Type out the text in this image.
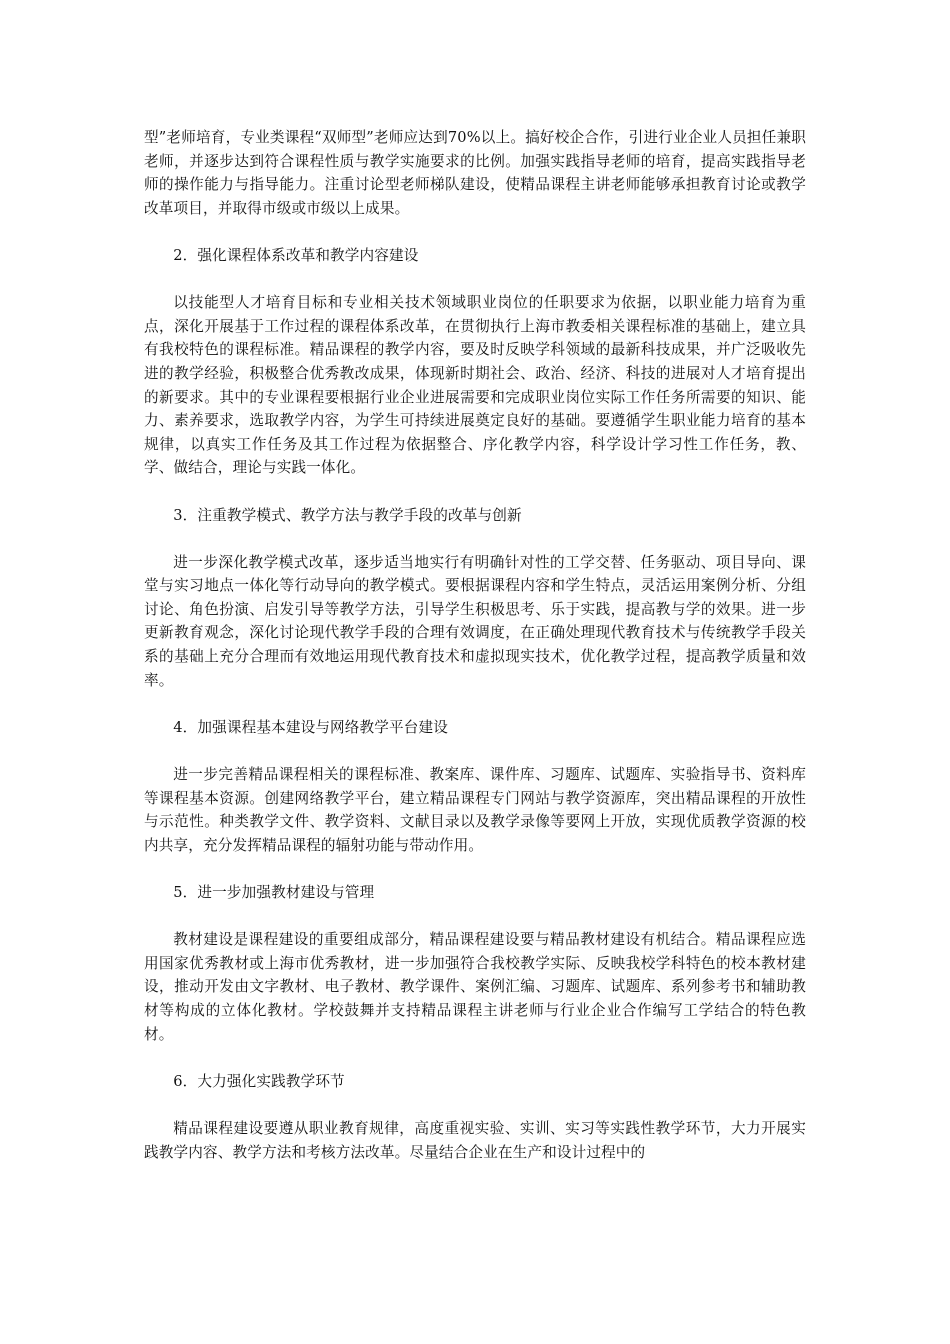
型”老师培育，专业类课程“双师型”老师应达到70%以上。搞好校企合作，引进行业企业人员担任兼职老师，并逐步达到符合课程性质与教学实施要求的比例。加强实践指导老师的培育，提高实践指导老师的操作能力与指导能力。注重讨论型老师梯队建设，使精品课程主讲老师能够承担教育讨论或教学改革项目，并取得市级或市级以上成果。

2．强化课程体系改革和教学内容建设

以技能型人才培育目标和专业相关技术领域职业岗位的任职要求为依据，以职业能力培育为重点，深化开展基于工作过程的课程体系改革，在贯彻执行上海市教委相关课程标准的基础上，建立具有我校特色的课程标准。精品课程的教学内容，要及时反映学科领域的最新科技成果，并广泛吸收先进的教学经验，积极整合优秀教改成果，体现新时期社会、政治、经济、科技的进展对人才培育提出的新要求。其中的专业课程要根据行业企业进展需要和完成职业岗位实际工作任务所需要的知识、能力、素养要求，选取教学内容，为学生可持续进展奠定良好的基础。要遵循学生职业能力培育的基本规律，以真实工作任务及其工作过程为依据整合、序化教学内容，科学设计学习性工作任务，教、学、做结合，理论与实践一体化。

3．注重教学模式、教学方法与教学手段的改革与创新

进一步深化教学模式改革，逐步适当地实行有明确针对性的工学交替、任务驱动、项目导向、课堂与实习地点一体化等行动导向的教学模式。要根据课程内容和学生特点，灵活运用案例分析、分组讨论、角色扮演、启发引导等教学方法，引导学生积极思考、乐于实践，提高教与学的效果。进一步更新教育观念，深化讨论现代教学手段的合理有效调度，在正确处理现代教育技术与传统教学手段关系的基础上充分合理而有效地运用现代教育技术和虚拟现实技术，优化教学过程，提高教学质量和效率。

4．加强课程基本建设与网络教学平台建设

进一步完善精品课程相关的课程标准、教案库、课件库、习题库、试题库、实验指导书、资料库等课程基本资源。创建网络教学平台，建立精品课程专门网站与教学资源库，突出精品课程的开放性与示范性。种类教学文件、教学资料、文献目录以及教学录像等要网上开放，实现优质教学资源的校内共享，充分发挥精品课程的辐射功能与带动作用。

5．进一步加强教材建设与管理

教材建设是课程建设的重要组成部分，精品课程建设要与精品教材建设有机结合。精品课程应选用国家优秀教材或上海市优秀教材，进一步加强符合我校教学实际、反映我校学科特色的校本教材建设，推动开发由文字教材、电子教材、教学课件、案例汇编、习题库、试题库、系列参考书和辅助教材等构成的立体化教材。学校鼓舞并支持精品课程主讲老师与行业企业合作编写工学结合的特色教材。

6．大力强化实践教学环节

精品课程建设要遵从职业教育规律，高度重视实验、实训、实习等实践性教学环节，大力开展实践教学内容、教学方法和考核方法改革。尽量结合企业在生产和设计过程中的
